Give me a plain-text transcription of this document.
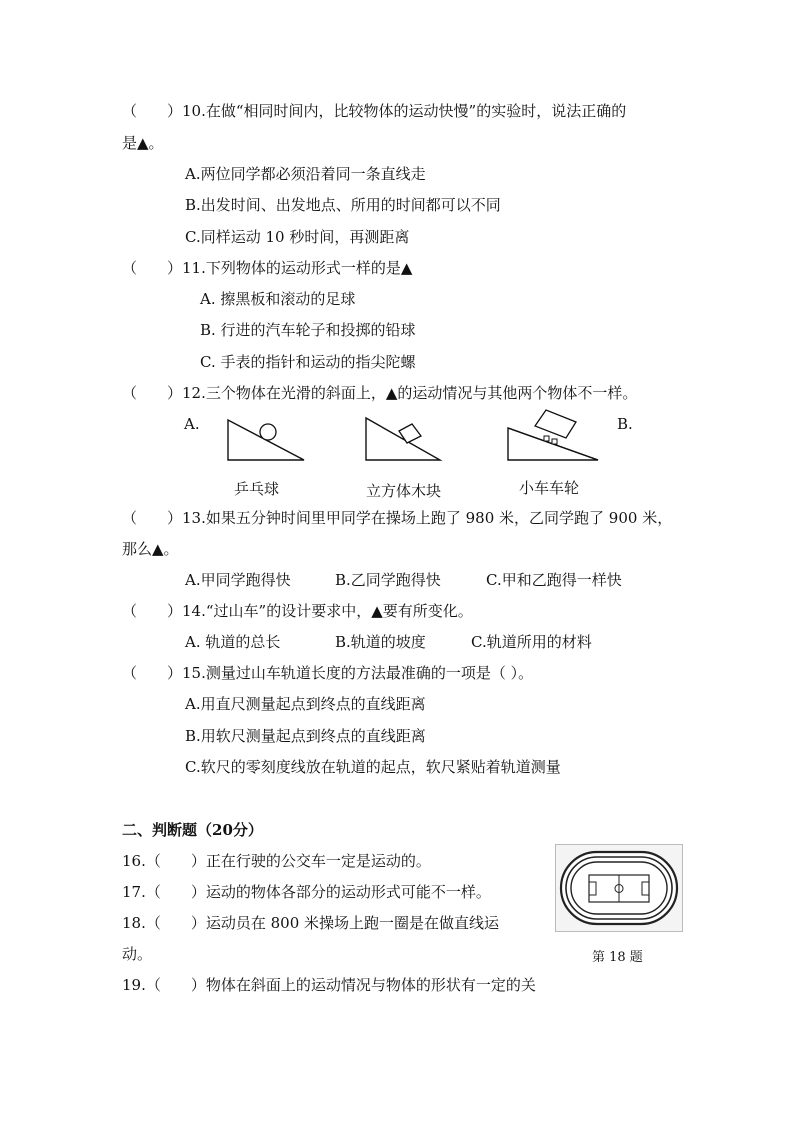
（　　）10.在做“相同时间内，比较物体的运动快慢”的实验时，说法正确的
是▲。
A.两位同学都必须沿着同一条直线走
B.出发时间、出发地点、所用的时间都可以不同
C.同样运动 10 秒时间，再测距离
（　　）11.下列物体的运动形式一样的是▲
A. 擦黑板和滚动的足球
B. 行进的汽车轮子和投掷的铅球
C. 手表的指针和运动的指尖陀螺
（　　）12.三个物体在光滑的斜面上，▲的运动情况与其他两个物体不一样。
A.	B.
乒乓球	立方体木块	小车车轮
（　　）13.如果五分钟时间里甲同学在操场上跑了 980 米，乙同学跑了 900 米，
那么▲。
A.甲同学跑得快	B.乙同学跑得快	C.甲和乙跑得一样快
（　　）14.“过山车”的设计要求中，▲要有所变化。
A. 轨道的总长	B.轨道的坡度	C.轨道所用的材料
（　　）15.测量过山车轨道长度的方法最准确的一项是（ ）。
A.用直尺测量起点到终点的直线距离
B.用软尺测量起点到终点的直线距离
C.软尺的零刻度线放在轨道的起点，软尺紧贴着轨道测量
二、判断题（20分）
16.（　　）正在行驶的公交车一定是运动的。
17.（　　）运动的物体各部分的运动形式可能不一样。
18.（　　）运动员在 800 米操场上跑一圈是在做直线运
动。
19.（　　）物体在斜面上的运动情况与物体的形状有一定的关
第 18 题
